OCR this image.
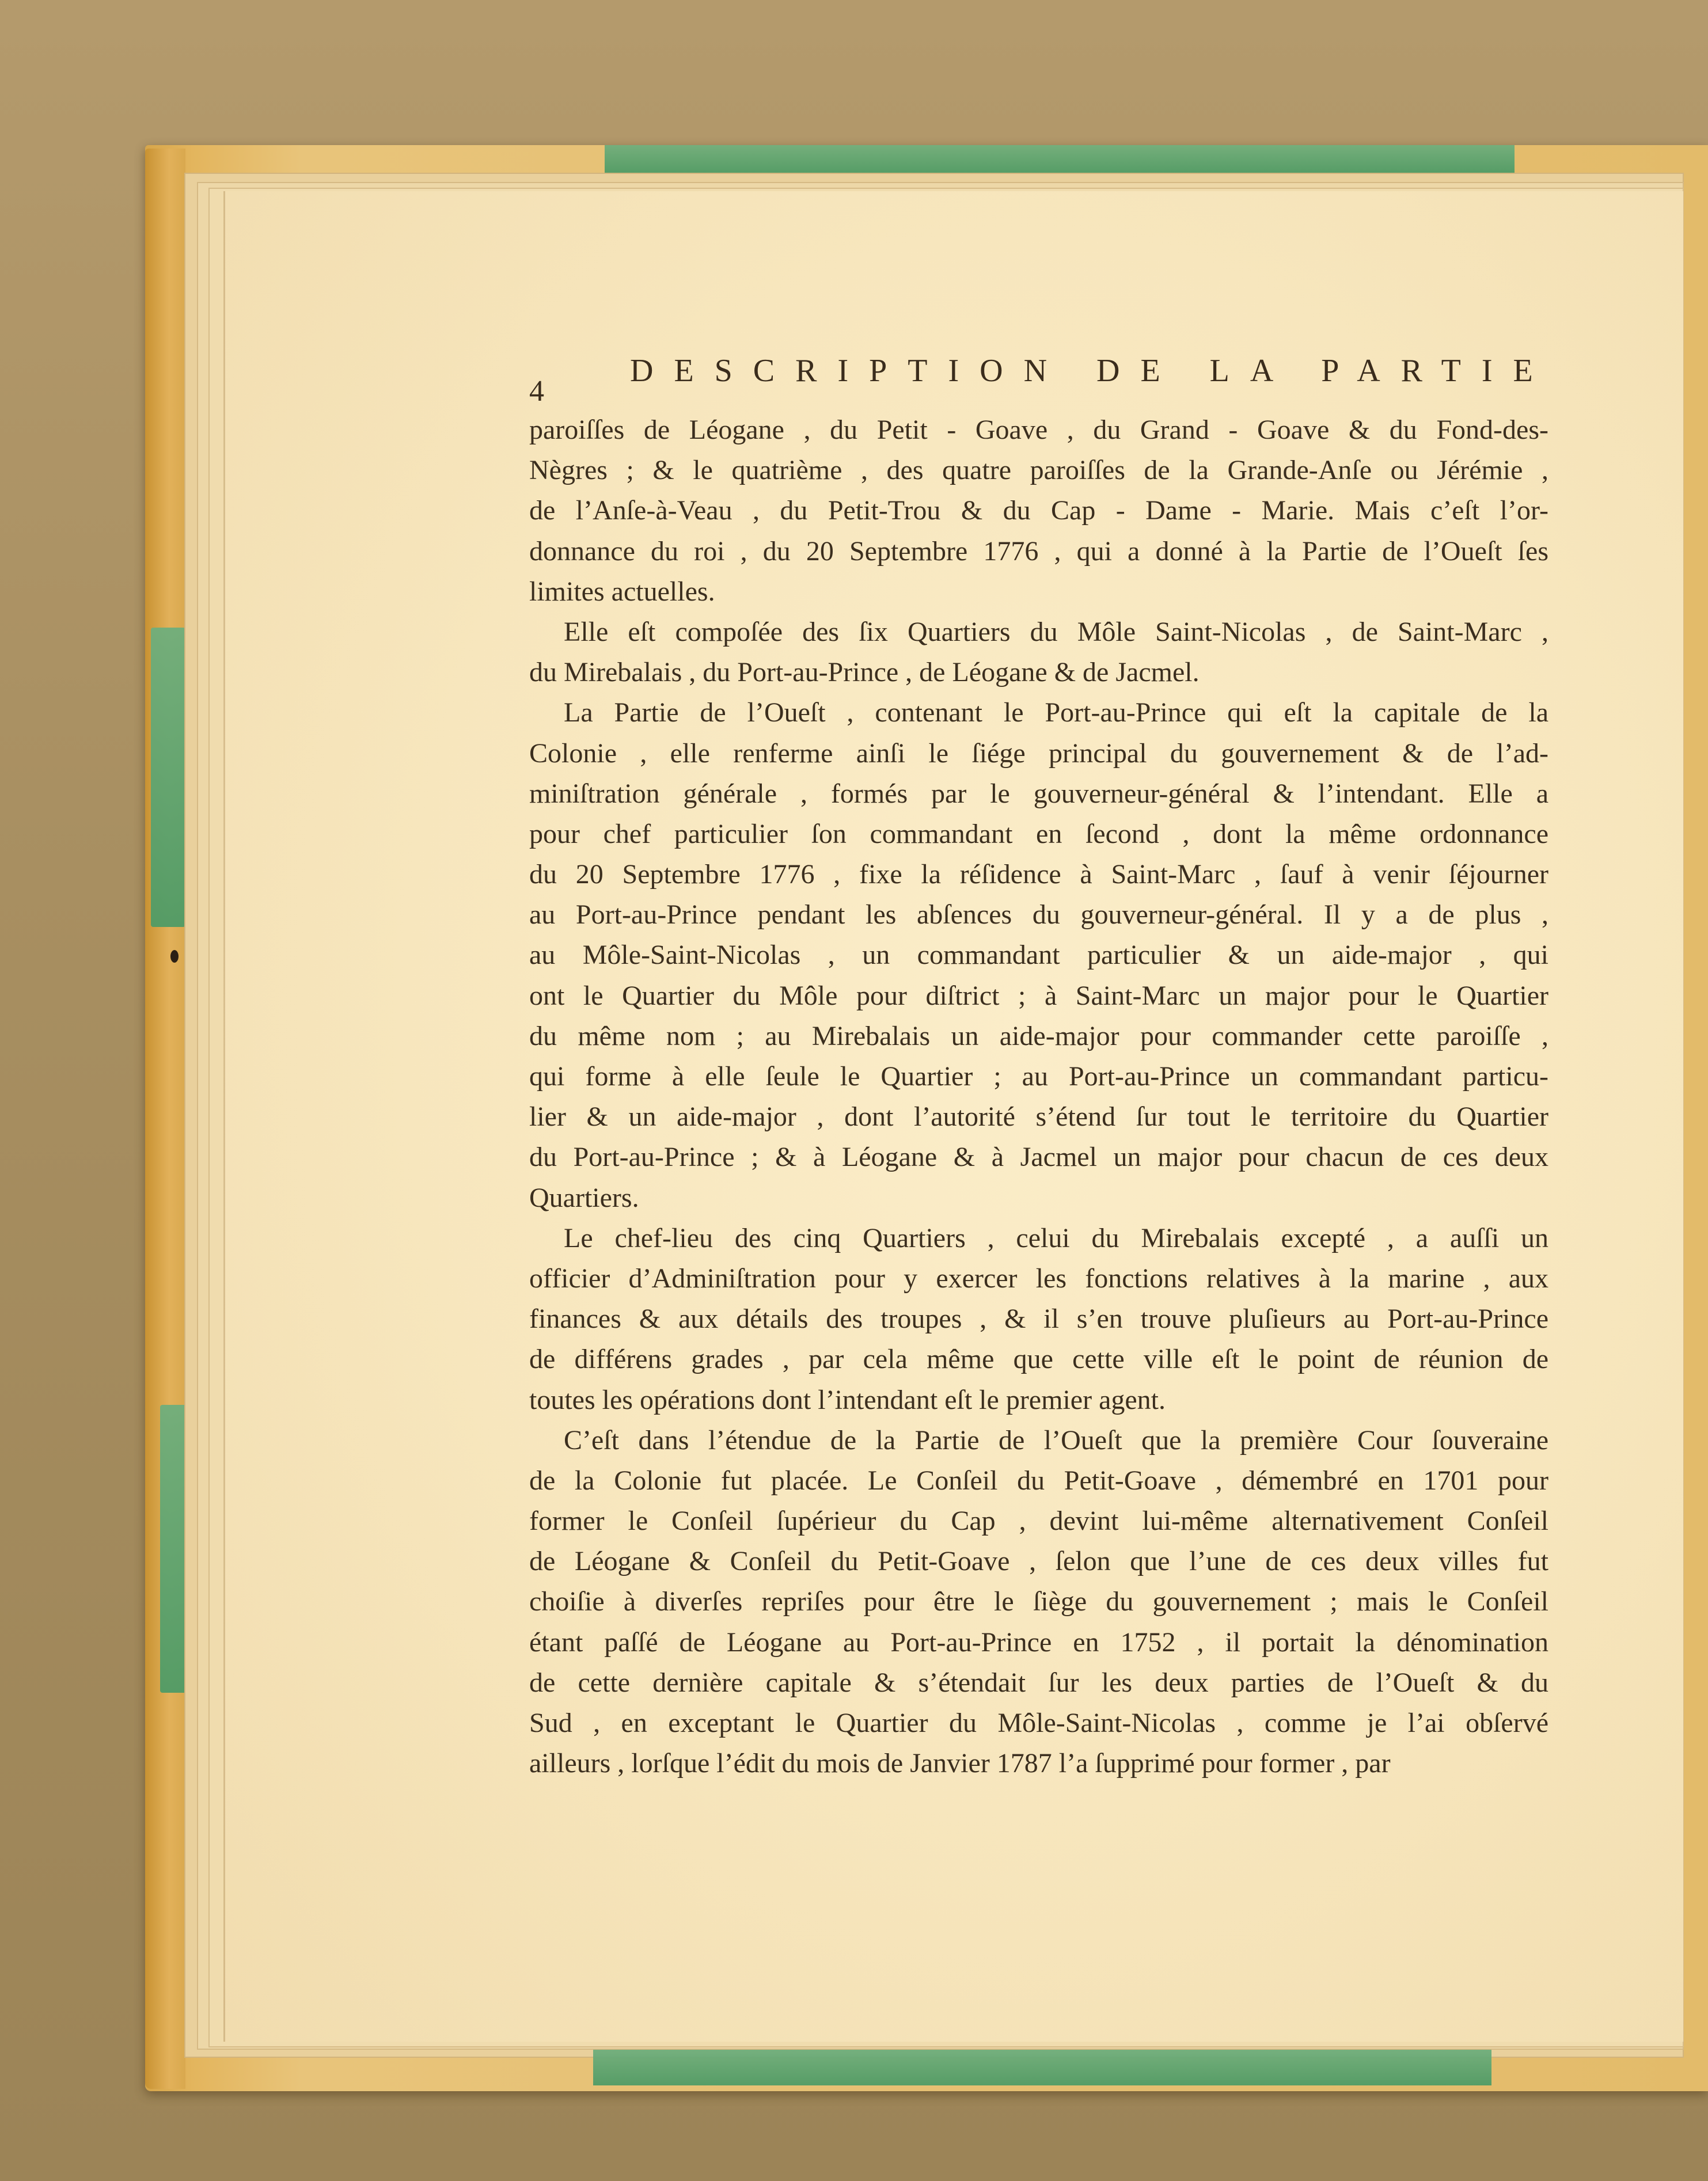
4
DESCRIPTION DE LA PARTIE
paroiſſes de Léogane , du Petit - Goave , du Grand - Goave & du Fond-des-
Nègres ; & le quatrième , des quatre paroiſſes de la Grande-Anſe ou Jérémie ,
de l’Anſe-à-Veau , du Petit-Trou & du Cap - Dame - Marie. Mais c’eſt l’or-
donnance du roi , du 20 Septembre 1776 , qui a donné à la Partie de l’Oueſt ſes
limites actuelles.
Elle eſt compoſée des ſix Quartiers du Môle Saint-Nicolas , de Saint-Marc ,
du Mirebalais , du Port-au-Prince , de Léogane & de Jacmel.
La Partie de l’Oueſt , contenant le Port-au-Prince qui eſt la capitale de la
Colonie , elle renferme ainſi le ſiége principal du gouvernement & de l’ad-
miniſtration générale , formés par le gouverneur-général & l’intendant. Elle a
pour chef particulier ſon commandant en ſecond , dont la même ordonnance
du 20 Septembre 1776 , fixe la réſidence à Saint-Marc , ſauf à venir ſéjourner
au Port-au-Prince pendant les abſences du gouverneur-général. Il y a de plus ,
au Môle-Saint-Nicolas , un commandant particulier & un aide-major , qui
ont le Quartier du Môle pour diſtrict ; à Saint-Marc un major pour le Quartier
du même nom ; au Mirebalais un aide-major pour commander cette paroiſſe ,
qui forme à elle ſeule le Quartier ; au Port-au-Prince un commandant particu-
lier & un aide-major , dont l’autorité s’étend ſur tout le territoire du Quartier
du Port-au-Prince ; & à Léogane & à Jacmel un major pour chacun de ces deux
Quartiers.
Le chef-lieu des cinq Quartiers , celui du Mirebalais excepté , a auſſi un
officier d’Adminiſtration pour y exercer les fonctions relatives à la marine , aux
finances & aux détails des troupes , & il s’en trouve pluſieurs au Port-au-Prince
de différens grades , par cela même que cette ville eſt le point de réunion de
toutes les opérations dont l’intendant eſt le premier agent.
C’eſt dans l’étendue de la Partie de l’Oueſt que la première Cour ſouveraine
de la Colonie fut placée. Le Conſeil du Petit-Goave , démembré en 1701 pour
former le Conſeil ſupérieur du Cap , devint lui-même alternativement Conſeil
de Léogane & Conſeil du Petit-Goave , ſelon que l’une de ces deux villes fut
choiſie à diverſes repriſes pour être le ſiège du gouvernement ; mais le Conſeil
étant paſſé de Léogane au Port-au-Prince en 1752 , il portait la dénomination
de cette dernière capitale & s’étendait ſur les deux parties de l’Oueſt & du
Sud , en exceptant le Quartier du Môle-Saint-Nicolas , comme je l’ai obſervé
ailleurs , lorſque l’édit du mois de Janvier 1787 l’a ſupprimé pour former , par
